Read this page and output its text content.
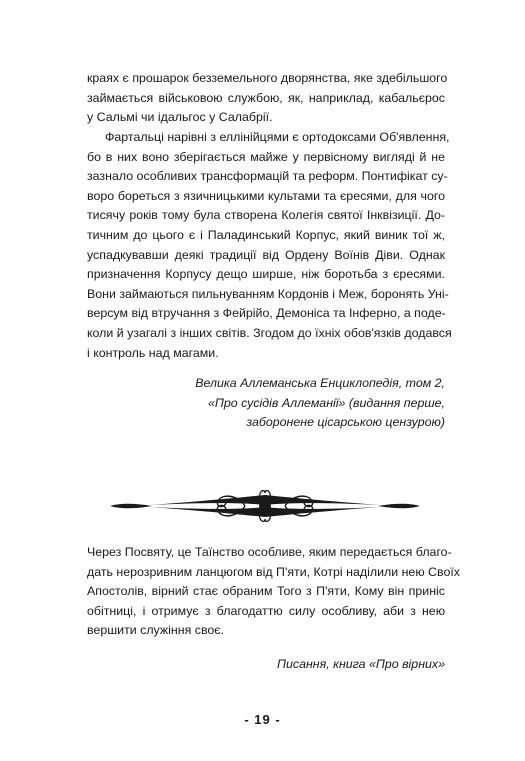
краях є прошарок безземельного дворянства, яке здебільшого
займається військовою службою, як, наприклад, кабальєрос
у Сальмі чи ідальгос у Салабрії.
Фартальці нарівні з еллінійцями є ортодоксами Об'явлення,
бо в них воно зберігається майже у первісному вигляді й не
зазнало особливих трансформацій та реформ. Понтифікат су-
воро бореться з язичницькими культами та єресями, для чого
тисячу років тому була створена Колегія святої Інквізиції. До-
тичним до цього є і Паладинський Корпус, який виник тої ж,
успадкувавши деякі традиції від Ордену Воїнів Діви. Однак
призначення Корпусу дещо ширше, ніж боротьба з єресями.
Вони займаються пильнуванням Кордонів і Меж, боронять Уні-
версум від втручання з Фейрійо, Демоніса та Інферно, а поде-
коли й узагалі з інших світів. Згодом до їхніх обов'язків додався
і контроль над магами.
Велика Аллеманська Енциклопедія, том 2,
«Про сусідів Аллеманії» (видання перше,
заборонене цісарською цензурою)
Через Посвяту, це Таїнство особливе, яким передається благо-
дать нерозривним ланцюгом від П'яти, Котрі наділили нею Своїх
Апостолів, вірний стає обраним Того з П'яти, Кому він приніс
обітниці, і отримує з благодаттю силу особливу, аби з нею
вершити служіння своє.
Писання, книга «Про вірних»
- 19 -
